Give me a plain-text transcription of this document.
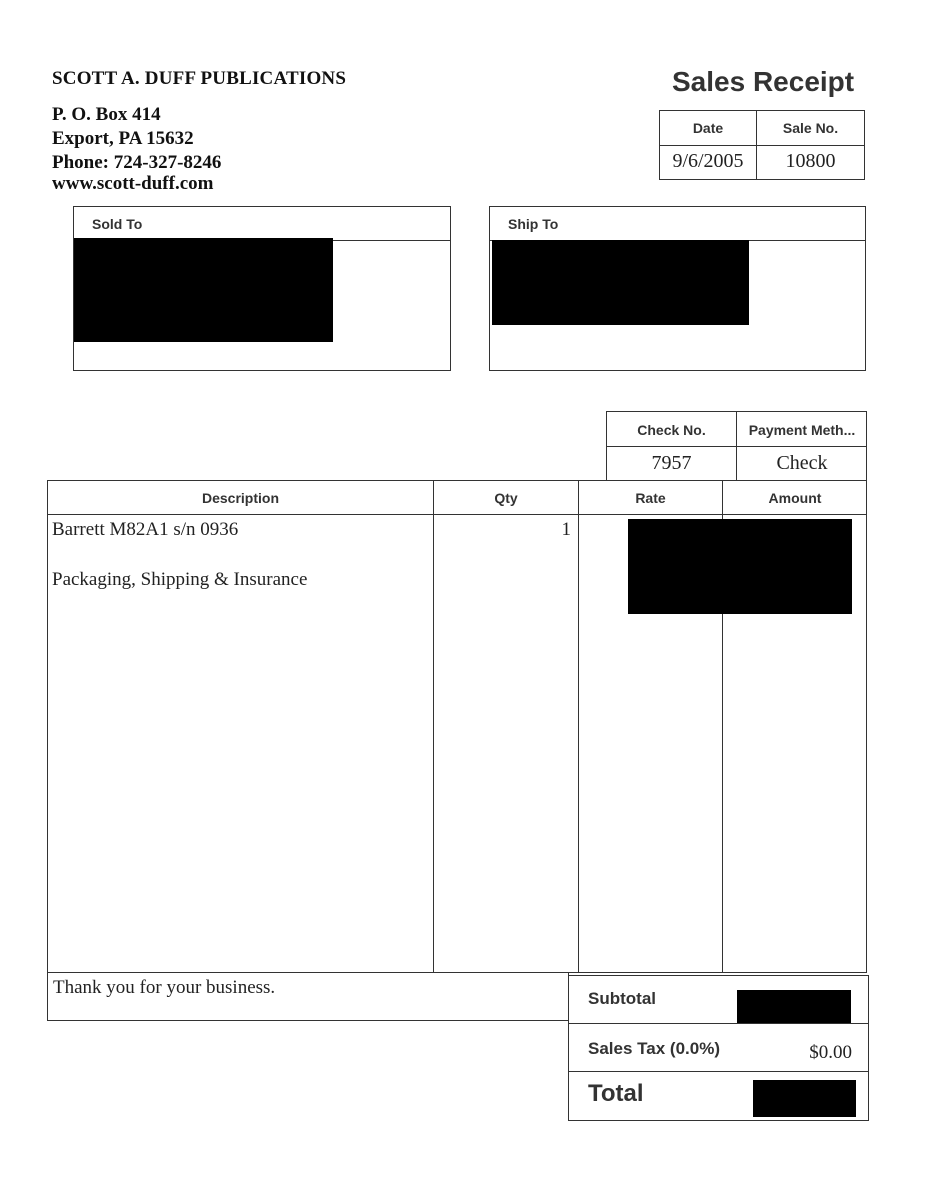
SCOTT A. DUFF PUBLICATIONS
P. O. Box 414
Export, PA 15632
Phone: 724-327-8246
www.scott-duff.com
Sales Receipt
Date	Sale No.
9/6/2005	10800
Sold To	Ship To
Check No.	Payment Meth...
7957	Check
Description	Qty	Rate	Amount
Barrett M82A1 s/n 0936	1
Packaging, Shipping & Insurance
Thank you for your business.
Subtotal
Sales Tax (0.0%)	$0.00
Total
